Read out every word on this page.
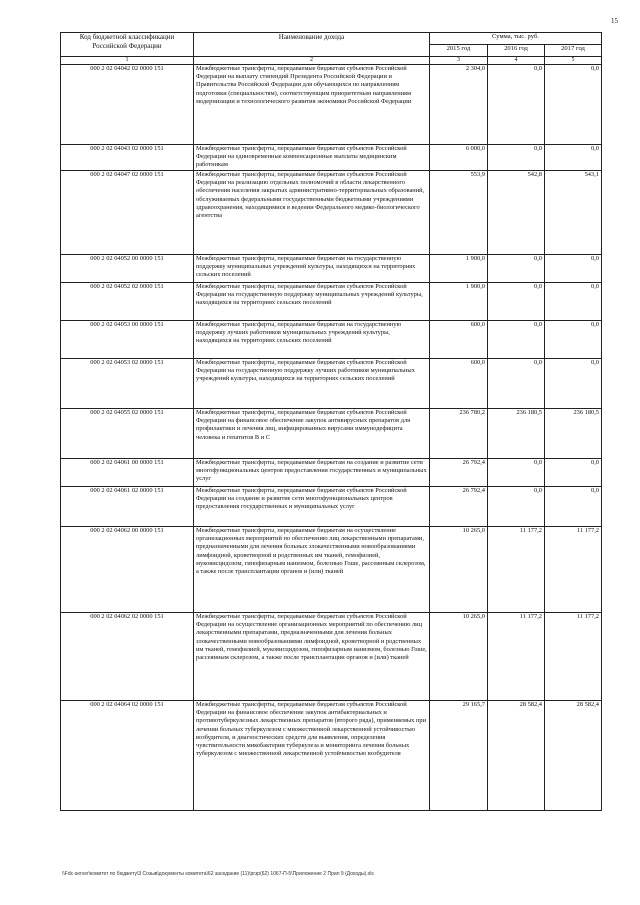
15
Код бюджетной классификации Российской Федерации	Наименование дохода	Сумма, тыс. руб.		
		2015 год	2016 год	2017 год
1	2	3	4	5
000 2 02 04042 02 0000 151	Межбюджетные трансферты, передаваемые бюджетам субъектов Российской Федерации на выплату стипендий Президента Российской Федерации и Правительства Российской Федерации для обучающихся по направлениям подготовки (специальностям), соответствующим приоритетным направлениям модернизации и технологического развития экономики Российской Федерации	2 304,0	0,0	0,0
000 2 02 04043 02 0000 151	Межбюджетные трансферты, передаваемые бюджетам субъектов Российской Федерации на единовременные компенсационные выплаты медицинским работникам	6 000,0	0,0	0,0
000 2 02 04047 02 0000 151	Межбюджетные трансферты, передаваемые бюджетам субъектов Российской Федерации на реализацию отдельных полномочий в области лекарственного обеспечения населения закрытых административно-территориальных образований, обслуживаемых федеральными государственными бюджетными учреждениями здравоохранения, находящимися в ведении Федерального медико-биологического агентства	553,9	542,8	543,1
000 2 02 04052 00 0000 151	Межбюджетные трансферты, передаваемые бюджетам на государственную поддержку муниципальных учреждений культуры, находящихся на территориях сельских поселений	1 900,0	0,0	0,0
000 2 02 04052 02 0000 151	Межбюджетные трансферты, передаваемые бюджетам субъектов Российской Федерации на государственную поддержку муниципальных учреждений культуры, находящихся на территориях сельских поселений	1 900,0	0,0	0,0
000 2 02 04053 00 0000 151	Межбюджетные трансферты, передаваемые бюджетам на государственную поддержку лучших работников муниципальных учреждений культуры, находящихся на территориях сельских поселений	600,0	0,0	0,0
000 2 02 04053 02 0000 151	Межбюджетные трансферты, передаваемые бюджетам субъектов Российской Федерации на государственную поддержку лучших работников муниципальных учреждений культуры, находящихся на территориях сельских поселений	600,0	0,0	0,0
000 2 02 04055 02 0000 151	Межбюджетные трансферты, передаваемые бюджетам субъектов Российской Федерации на финансовое обеспечение закупок антивирусных препаратов для профилактики и лечения лиц, инфицированных вирусами иммунодефицита человека и гепатитов B и C	236 780,2	236 180,5	236 180,5
000 2 02 04061 00 0000 151	Межбюджетные трансферты, передаваемые бюджетам на создание и развитие сети многофункциональных центров предоставления государственных и муниципальных услуг	26 792,4	0,0	0,0
000 2 02 04061 02 0000 151	Межбюджетные трансферты, передаваемые бюджетам субъектов Российской Федерации на создание и развитие сети многофункциональных центров предоставления государственных и муниципальных услуг	26 792,4	0,0	0,0
000 2 02 04062 00 0000 151	Межбюджетные трансферты, передаваемые бюджетам на осуществление организационных мероприятий по обеспечению лиц лекарственными препаратами, предназначенными для лечения больных злокачественными новообразованиями лимфоидной, кроветворной и родственных им тканей, гемофилией, муковисцидозом, гипофизарным нанизмом, болезнью Гоше, рассеянным склерозом, а также после трансплантации органов и (или) тканей	10 265,0	11 177,2	11 177,2
000 2 02 04062 02 0000 151	Межбюджетные трансферты, передаваемые бюджетам субъектов Российской Федерации на осуществление организационных мероприятий по обеспечению лиц лекарственными препаратами, предназначенными для лечения больных злокачественными новообразованиями лимфоидной, кроветворной и родственных им тканей, гемофилией, муковисцидозом, гипофизарным нанизмом, болезнью Гоше, рассеянным склерозом, а также после трансплантации органов и (или) тканей	10 265,0	11 177,2	11 177,2
000 2 02 04064 02 0000 151	Межбюджетные трансферты, передаваемые бюджетам субъектов Российской Федерации на финансовое обеспечение закупок антибактериальных и противотуберкулезных лекарственных препаратов (второго ряда), применяемых при лечении больных туберкулезом с множественной лекарственной устойчивостью возбудителя, и диагностических средств для выявления, определения чувствительности микобактерии туберкулеза и мониторинга лечения больных туберкулезом с множественной лекарственной устойчивостью возбудителя	29 165,7	28 582,4	28 582,4
\\Fdc-server\комитет по бюджету\3 Созыв\документы комитета\62 заседание (11)\ргзр(62) 1067-П-5\Приложение 2 Прил 9 (Доходы).xls
